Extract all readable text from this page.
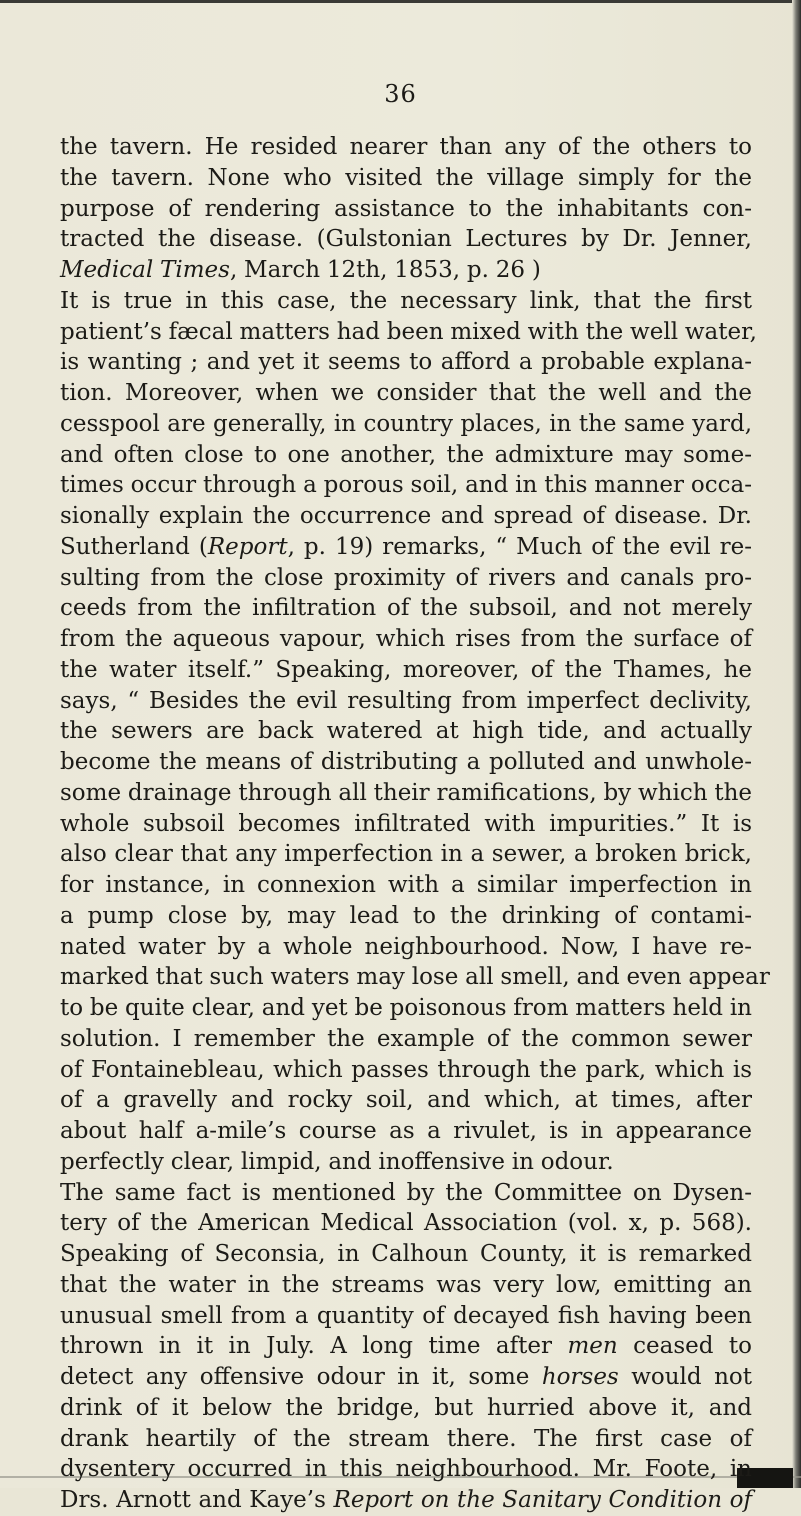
36
the tavern. He resided nearer than any of the others to
the tavern. None who visited the village simply for the
purpose of rendering assistance to the inhabitants con-
tracted the disease. (Gulstonian Lectures by Dr. Jenner,
Medical Times, March 12th, 1853, p. 26 )
It is true in this case, the necessary link, that the first
patient’s fæcal matters had been mixed with the well water,
is wanting ; and yet it seems to afford a probable explana-
tion. Moreover, when we consider that the well and the
cesspool are generally, in country places, in the same yard,
and often close to one another, the admixture may some-
times occur through a porous soil, and in this manner occa-
sionally explain the occurrence and spread of disease. Dr.
Sutherland (Report, p. 19) remarks, “ Much of the evil re-
sulting from the close proximity of rivers and canals pro-
ceeds from the infiltration of the subsoil, and not merely
from the aqueous vapour, which rises from the surface of
the water itself.” Speaking, moreover, of the Thames, he
says, “ Besides the evil resulting from imperfect declivity,
the sewers are back watered at high tide, and actually
become the means of distributing a polluted and unwhole-
some drainage through all their ramifications, by which the
whole subsoil becomes infiltrated with impurities.” It is
also clear that any imperfection in a sewer, a broken brick,
for instance, in connexion with a similar imperfection in
a pump close by, may lead to the drinking of contami-
nated water by a whole neighbourhood. Now, I have re-
marked that such waters may lose all smell, and even appear
to be quite clear, and yet be poisonous from matters held in
solution. I remember the example of the common sewer
of Fontainebleau, which passes through the park, which is
of a gravelly and rocky soil, and which, at times, after
about half a-mile’s course as a rivulet, is in appearance
perfectly clear, limpid, and inoffensive in odour.
The same fact is mentioned by the Committee on Dysen-
tery of the American Medical Association (vol. x, p. 568).
Speaking of Seconsia, in Calhoun County, it is remarked
that the water in the streams was very low, emitting an
unusual smell from a quantity of decayed fish having been
thrown in it in July. A long time after men ceased to
detect any offensive odour in it, some horses would not
drink of it below the bridge, but hurried above it, and
drank heartily of the stream there. The first case of
dysentery occurred in this neighbourhood. Mr. Foote, in
Drs. Arnott and Kaye’s Report on the Sanitary Condition of
